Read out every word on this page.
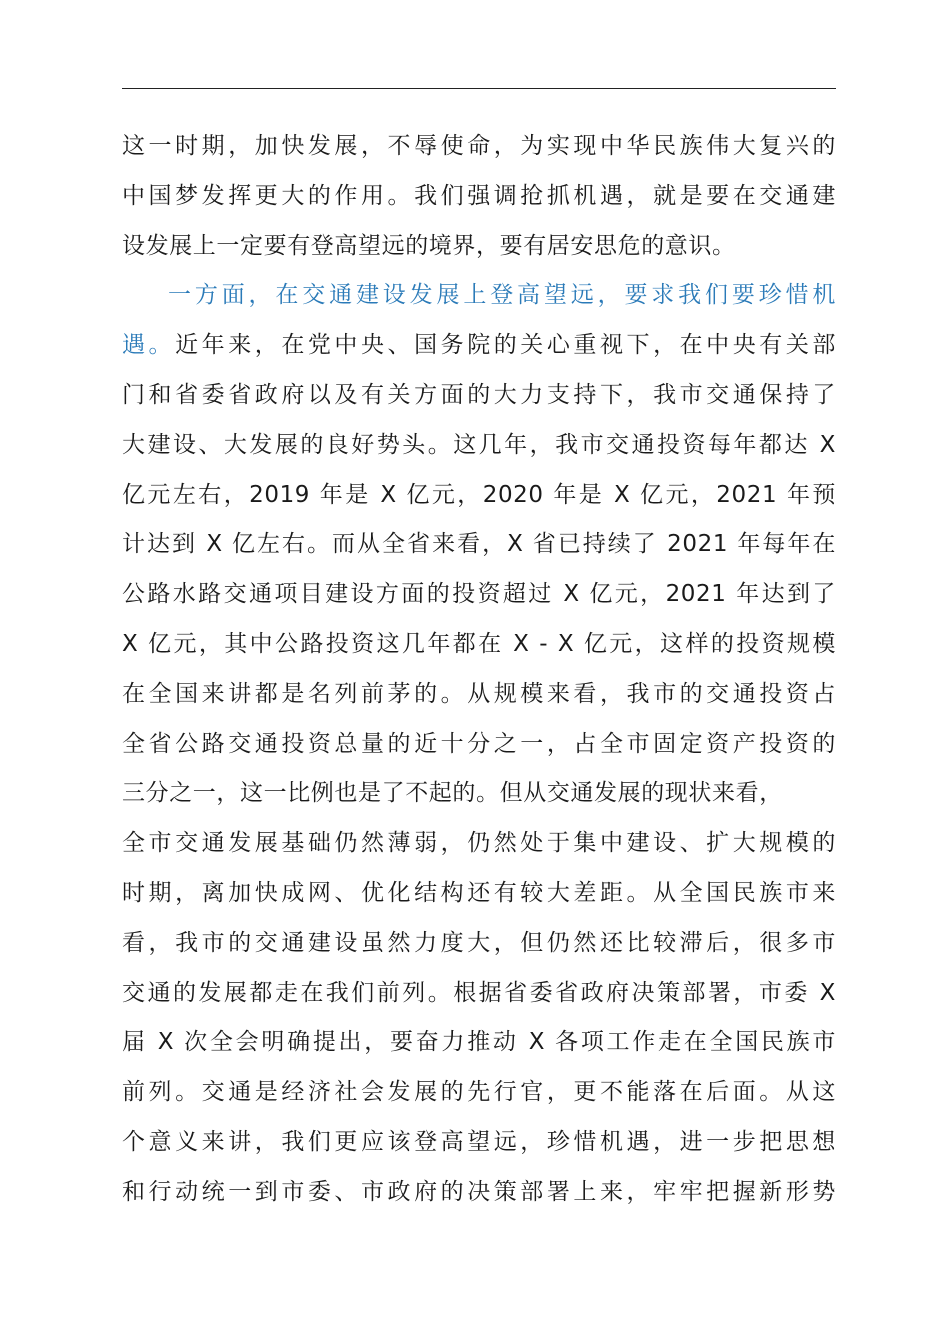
这一时期，加快发展，不辱使命，为实现中华民族伟大复兴的
中国梦发挥更大的作用。我们强调抢抓机遇，就是要在交通建
设发展上一定要有登高望远的境界，要有居安思危的意识。
一方面，在交通建设发展上登高望远，要求我们要珍惜机
遇。近年来，在党中央、国务院的关心重视下，在中央有关部
门和省委省政府以及有关方面的大力支持下，我市交通保持了
大建设、大发展的良好势头。这几年，我市交通投资每年都达 X
亿元左右，2019 年是 X 亿元，2020 年是 X 亿元，2021 年预
计达到 X 亿左右。而从全省来看，X 省已持续了 2021 年每年在
公路水路交通项目建设方面的投资超过 X 亿元，2021 年达到了
X 亿元，其中公路投资这几年都在 X - X 亿元，这样的投资规模
在全国来讲都是名列前茅的。从规模来看，我市的交通投资占
全省公路交通投资总量的近十分之一，占全市固定资产投资的
三分之一，这一比例也是了不起的。但从交通发展的现状来看，
全市交通发展基础仍然薄弱，仍然处于集中建设、扩大规模的
时期，离加快成网、优化结构还有较大差距。从全国民族市来
看，我市的交通建设虽然力度大，但仍然还比较滞后，很多市
交通的发展都走在我们前列。根据省委省政府决策部署，市委 X
届 X 次全会明确提出，要奋力推动 X 各项工作走在全国民族市
前列。交通是经济社会发展的先行官，更不能落在后面。从这
个意义来讲，我们更应该登高望远，珍惜机遇，进一步把思想
和行动统一到市委、市政府的决策部署上来，牢牢把握新形势
